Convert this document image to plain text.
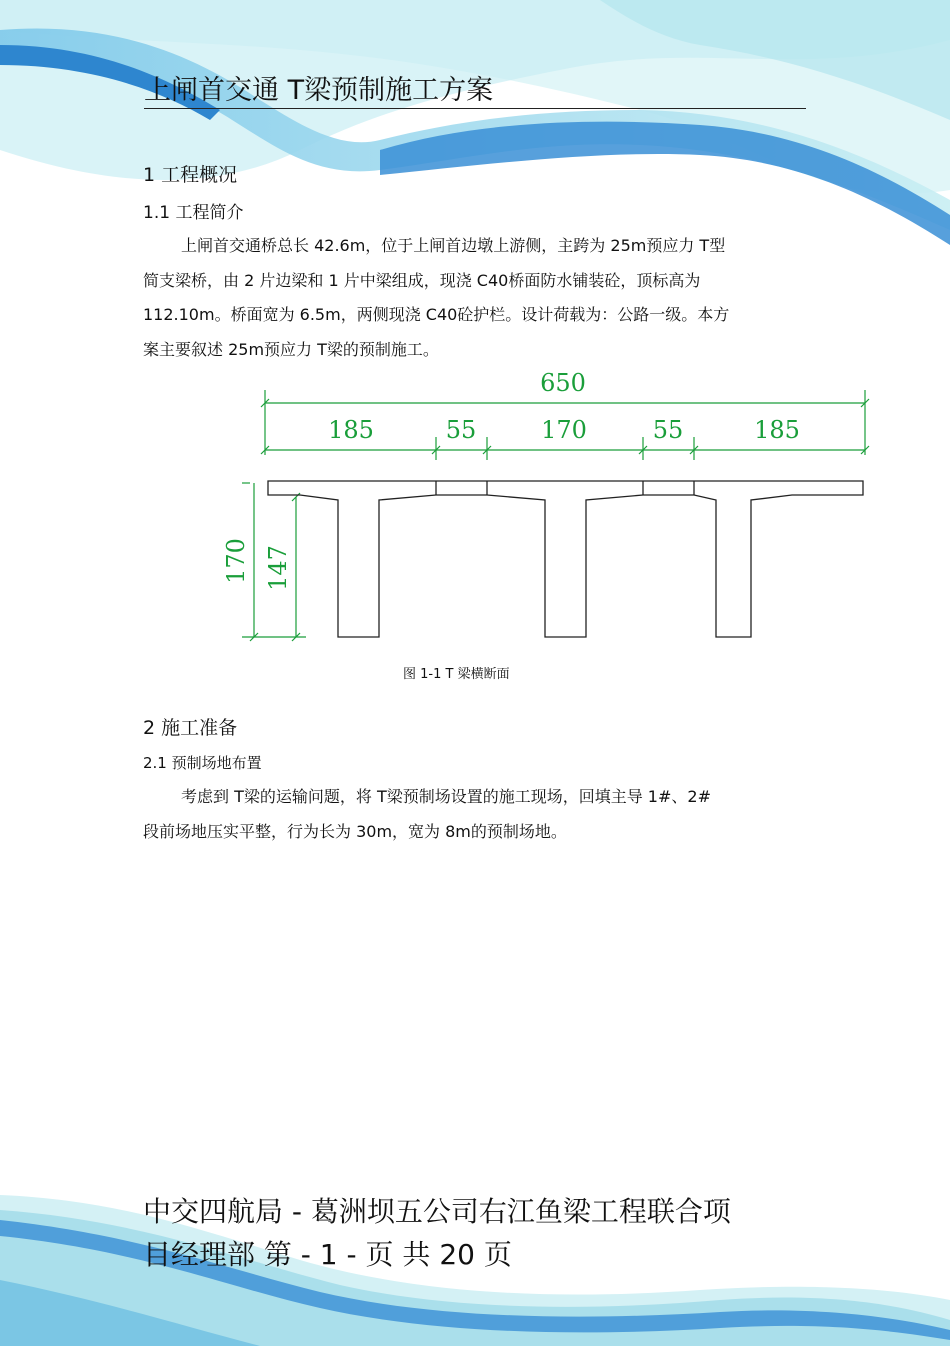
上闸首交通 T梁预制施工方案
1 工程概况
1.1 工程简介
上闸首交通桥总长 42.6m，位于上闸首边墩上游侧，主跨为 25m预应力 T型
简支梁桥，由 2 片边梁和 1 片中梁组成，现浇 C40桥面防水铺装砼，顶标高为
112.10m。桥面宽为 6.5m，两侧现浇 C40砼护栏。设计荷载为：公路一级。本方
案主要叙述 25m预应力 T梁的预制施工。
650
185	55	170	55	185
170 147
图 1-1 T 梁横断面
2 施工准备
2.1 预制场地布置
考虑到 T梁的运输问题，将 T梁预制场设置的施工现场，回填主导 1#、2#
段前场地压实平整，行为长为 30m，宽为 8m的预制场地。
中交四航局 - 葛洲坝五公司右江鱼梁工程联合项
目经理部 第 - 1 - 页 共 20 页
